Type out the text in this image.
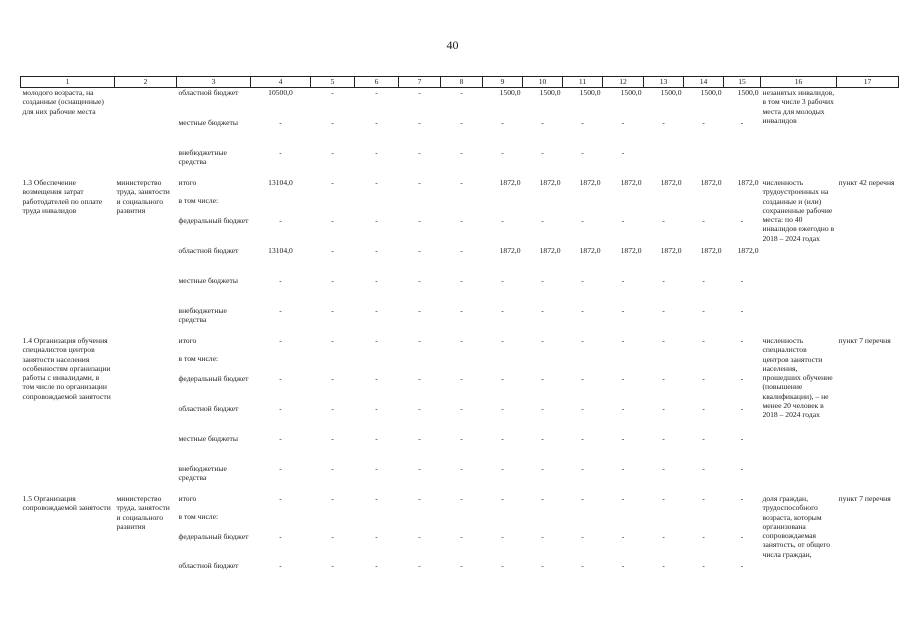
40
1	2	3	4	5	6	7	8	9	10	11	12	13	14	15	16	17
молодого возраста, на созданные (оснащенные) для них рабочие места		областной бюджет	10500,0	-	-	-	-	1500,0	1500,0	1500,0	1500,0	1500,0	1500,0	1500,0	незанятых инвалидов, в том числе 3 рабочих места для молодых инвалидов	
		местные бюджеты	-	-	-	-	-	-	-	-	-	-	-	-		
		внебюджетные средства	-	-	-	-	-	-	-	-	-					
1.3 Обеспечение возмещения затрат работодателей по оплате труда инвалидов	министерство труда, занятости и социального развития	итого	13104,0	-	-	-	-	1872,0	1872,0	1872,0	1872,0	1872,0	1872,0	1872,0	численность трудоустроенных на созданные и (или) сохраненные рабочие места: по 40 инвалидов ежегодно в 2018 – 2024 годах	пункт 42 перечня
		в том числе:														
		федеральный бюджет	-	-	-	-	-	-	-	-	-	-	-	-		
		областной бюджет	13104,0	-	-	-	-	1872,0	1872,0	1872,0	1872,0	1872,0	1872,0	1872,0		
		местные бюджеты	-	-	-	-	-	-	-	-	-	-	-	-		
		внебюджетные средства	-	-	-	-	-	-	-	-	-	-	-	-		
1.4 Организация обучения специалистов центров занятости населения особенностям организации работы с инвалидами, в том числе по организации сопровождаемой занятости		итого	-	-	-	-	-	-	-	-	-	-	-	-	численность специалистов центров занятости населения, прошедших обучение (повышение квалификации), – не менее 20 человек в 2018 – 2024 годах	пункт 7 перечня
		в том числе:														
		федеральный бюджет	-	-	-	-	-	-	-	-	-	-	-	-		
		областной бюджет	-	-	-	-	-	-	-	-	-	-	-	-		
		местные бюджеты	-	-	-	-	-	-	-	-	-	-	-	-		
		внебюджетные средства	-	-	-	-	-	-	-	-	-	-	-	-		
1.5 Организация сопровождаемой занятости	министерство труда, занятости и социального развития	итого	-	-	-	-	-	-	-	-	-	-	-	-	доля граждан, трудоспособного возраста, которым организована сопровождаемая занятость, от общего числа граждан,	пункт 7 перечня
		в том числе:														
		федеральный бюджет	-	-	-	-	-	-	-	-	-	-	-	-		
		областной бюджет	-	-	-	-	-	-	-	-	-	-	-	-		
